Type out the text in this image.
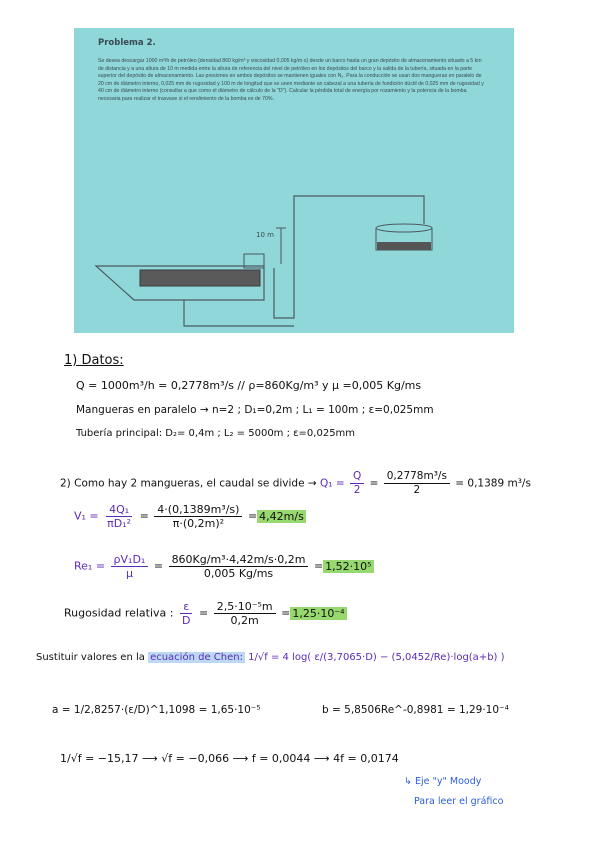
Problema 2.
Se desea descargar 1000 m³/h de petróleo (densidad 860 kg/m³ y viscosidad 0,005 kg/m·s) desde un barco hasta un gran depósito de almacenamiento situado a 5 km de distancia y a una altura de 10 m medida entre la altura de referencia del nivel de petróleo en los depósitos del barco y la salida de la tubería, situada en la parte superior del depósito de almacenamiento. Las presiones en ambos depósitos se mantienen iguales con N₂. Para la conducción se usan dos mangueras en paralelo de 20 cm de diámetro interno, 0,025 mm de rugosidad y 100 m de longitud que se unen mediante un cabezal a una tubería de fundición dúctil de 0,025 mm de rugosidad y 40 cm de diámetro interno (consultar a que como el diámetro de cálculo de la "D"). Calcular la pérdida total de energía por rozamiento y la potencia de la bomba necesaria para realizar el trasvase si el rendimiento de la bomba es de 70%.
10 m
1) Datos:
Q = 1000m³/h = 0,2778m³/s // ρ=860Kg/m³ y μ =0,005 Kg/ms
Mangueras en paralelo → n=2 ; D₁=0,2m ; L₁ = 100m ; ε=0,025mm
Tubería principal: D₂= 0,4m ; L₂ = 5000m ; ε=0,025mm
2) Como hay 2 mangueras, el caudal se divide → $Q_1 = \frac{Q}{2} = \frac{\text{0,2778m³/s}}{2} = 0,1389$ m³/s
$V_1 = \frac{\text{4Q₁}}{\text{πD₁²}} = \frac{\text{4·(0,1389m³/s)}}{\text{π·(0,2m)²}} = 4,42m/s$
$Re_1 = \frac{\text{ρV₁D₁}}{\mu} = \frac{\text{860Kg/m³·4,42m/s·0,2m}}{0,005 Kg/ms} = 1,52\cdot 10^5$
Rugosidad relativa : $\frac{\varepsilon}{D} = \frac{\text{2,5·10⁻⁵m}}{0,2m} = 1,25\cdot 10^{-4}$
Sustituir valores en la ecuación de Chen: 1/√f = 4 log( ε/(3,7065·D) − (5,0452/Re)·log(a+b) )
a = 1/2,8257·(ε/D)^1,1098 = 1,65·10⁻⁵	b = 5,8506Re^-0,8981 = 1,29·10⁻⁴
1/√f = −15,17 ⟶ √f = −0,066 ⟶ f = 0,0044 ⟶ 4f = 0,0174
↳ Eje "y" Moody
Para leer el gráfico
